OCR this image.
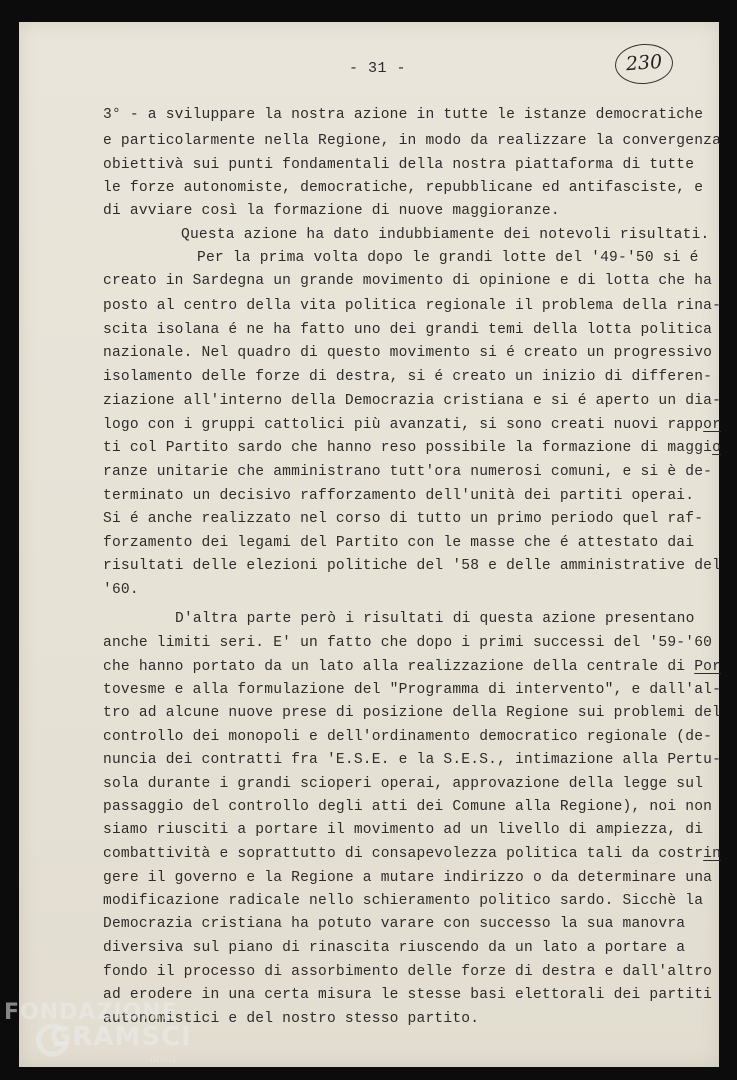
- 31 -	230
3° - a sviluppare la nostra azione in tutte le istanze democratiche
e particolarmente nella Regione, in modo da realizzare la convergenza
obiettivà sui punti fondamentali della nostra piattaforma di tutte
le forze autonomiste, democratiche, repubblicane ed antifasciste, e
di avviare così la formazione di nuove maggioranze.
Questa azione ha dato indubbiamente dei notevoli risultati.
Per la prima volta dopo le grandi lotte del '49-'50 si é
creato in Sardegna un grande movimento di opinione e di lotta che ha
posto al centro della vita politica regionale il problema della rina-
scita isolana é ne ha fatto uno dei grandi temi della lotta politica
nazionale. Nel quadro di questo movimento si é creato un progressivo
isolamento delle forze di destra, si é creato un inizio di differen-
ziazione all'interno della Democrazia cristiana e si é aperto un dia-
logo con i gruppi cattolici più avanzati, si sono creati nuovi rappor
ti col Partito sardo che hanno reso possibile la formazione di maggio
ranze unitarie che amministrano tutt'ora numerosi comuni, e si è de-
terminato un decisivo rafforzamento dell'unità dei partiti operai.
Si é anche realizzato nel corso di tutto un primo periodo quel raf-
forzamento dei legami del Partito con le masse che é attestato dai
risultati delle elezioni politiche del '58 e delle amministrative del
'60.
D'altra parte però i risultati di questa azione presentano
anche limiti seri. E' un fatto che dopo i primi successi del '59-'60
che hanno portato da un lato alla realizzazione della centrale di Por
tovesme e alla formulazione del "Programma di intervento", e dall'al-
tro ad alcune nuove prese di posizione della Regione sui problemi del
controllo dei monopoli e dell'ordinamento democratico regionale (de-
nuncia dei contratti fra 'E.S.E. e la S.E.S., intimazione alla Pertu-
sola durante i grandi scioperi operai, approvazione della legge sul
passaggio del controllo degli atti dei Comune alla Regione), noi non
siamo riusciti a portare il movimento ad un livello di ampiezza, di
combattività e soprattutto di consapevolezza politica tali da costrin
gere il governo e la Regione a mutare indirizzo o da determinare una
modificazione radicale nello schieramento politico sardo. Sicchè la
Democrazia cristiana ha potuto varare con successo la sua manovra
diversiva sul piano di rinascita riuscendo da un lato a portare a
fondo il processo di assorbimento delle forze di destra e dall'altro
ad erodere in una certa misura le stesse basi elettorali dei partiti
autonomistici e del nostro stesso partito.
FONDAZIONE
GRAMSCI
onlus
